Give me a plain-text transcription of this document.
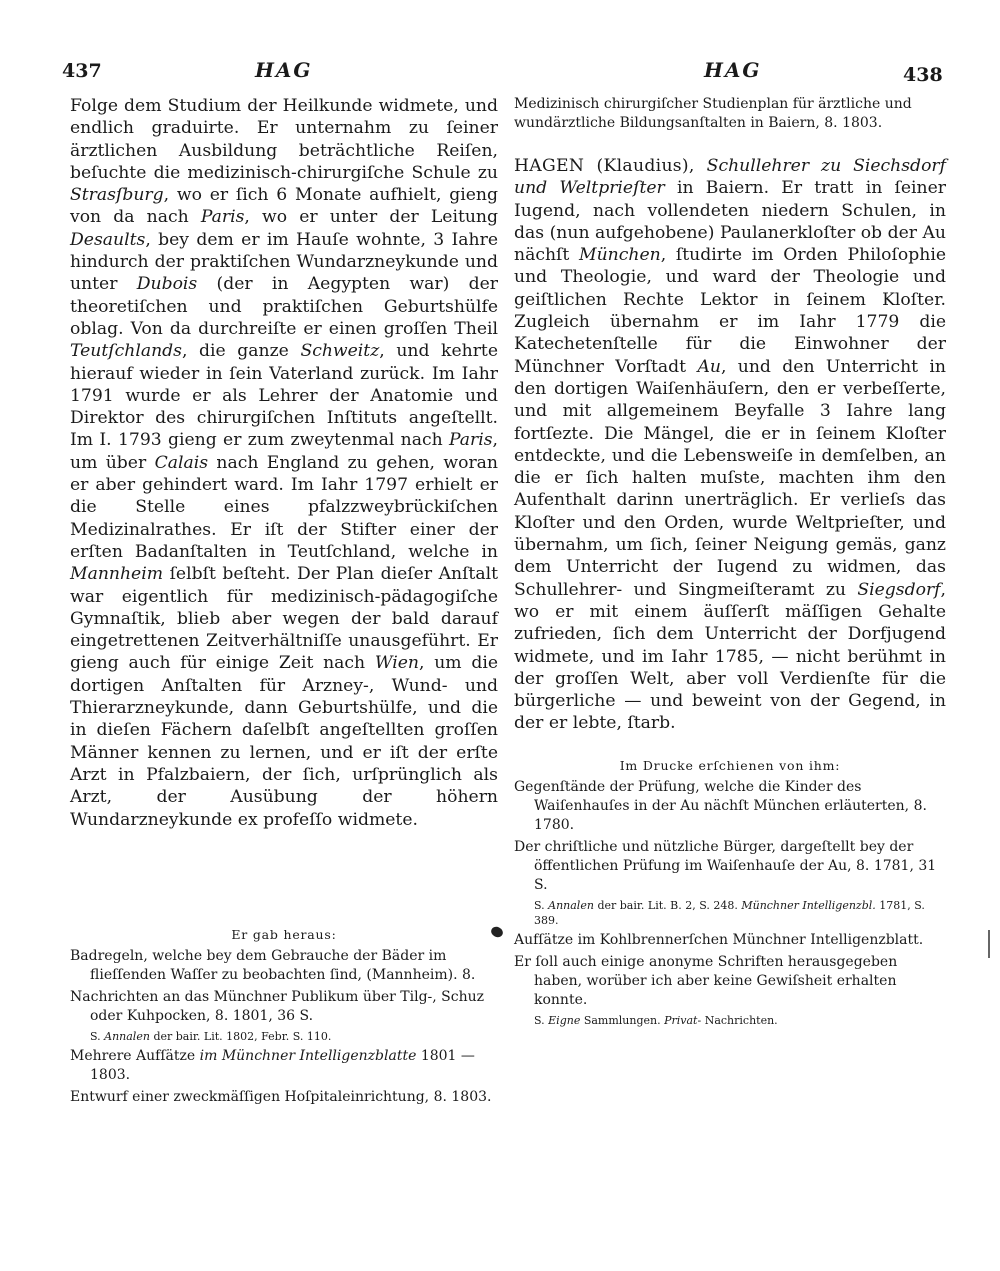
437	HAG	HAG	438

Folge dem Studium der Heilkunde widmete, und endlich graduirte. Er unternahm zu ſeiner ärztlichen Ausbildung beträchtliche Reiſen, beſuchte die medizinisch-chirurgiſche Schule zu Strasſburg, wo er ſich 6 Monate aufhielt, gieng von da nach Paris, wo er unter der Leitung Desaults, bey dem er im Hauſe wohnte, 3 Iahre hindurch der praktiſchen Wundarzneykunde und unter Dubois (der in Aegypten war) der theoretiſchen und praktiſchen Geburtshülfe oblag. Von da durchreiſte er einen groſſen Theil Teutſchlands, die ganze Schweitz, und kehrte hierauf wieder in ſein Vaterland zurück. Im Iahr 1791 wurde er als Lehrer der Anatomie und Direktor des chirurgiſchen Inſtituts angeſtellt. Im I. 1793 gieng er zum zweytenmal nach Paris, um über Calais nach England zu gehen, woran er aber gehindert ward. Im Iahr 1797 erhielt er die Stelle eines pfalzzweybrückiſchen Medizinalrathes. Er iſt der Stifter einer der erſten Badanſtalten in Teutſchland, welche in Mannheim ſelbſt beſteht. Der Plan dieſer Anſtalt war eigentlich für medizinisch-pädagogiſche Gymnaſtik, blieb aber wegen der bald darauf eingetrettenen Zeitverhältniſſe unausgeführt. Er gieng auch für einige Zeit nach Wien, um die dortigen Anſtalten für Arzney-, Wund- und Thierarzneykunde, dann Geburtshülfe, und die in dieſen Fächern daſelbſt angeſtellten groſſen Männer kennen zu lernen, und er iſt der erſte Arzt in Pfalzbaiern, der ſich, urſprünglich als Arzt, der Ausübung der höhern Wundarzneykunde ex profeſſo widmete.

Er gab heraus:

Badregeln, welche bey dem Gebrauche der Bäder im flieſſenden Waſſer zu beobachten ſind, (Mannheim). 8.

Nachrichten an das Münchner Publikum über Tilg-, Schuz oder Kuhpocken, 8. 1801, 36 S.

S. Annalen der bair. Lit. 1802, Febr. S. 110.

Mehrere Aufſätze im Münchner Intelligenzblatte 1801 — 1803.

Entwurf einer zweckmäſſigen Hoſpitaleinrichtung, 8. 1803.

Medizinisch chirurgiſcher Studienplan für ärztliche und wundärztliche Bildungsanſtalten in Baiern, 8. 1803.

HAGEN (Klaudius), Schullehrer zu Siechsdorf und Weltprieſter in Baiern. Er tratt in ſeiner Iugend, nach vollendeten niedern Schulen, in das (nun aufgehobene) Paulanerkloſter ob der Au nächſt München, ſtudirte im Orden Philoſophie und Theologie, und ward der Theologie und geiſtlichen Rechte Lektor in ſeinem Kloſter. Zugleich übernahm er im Iahr 1779 die Katechetenſtelle für die Einwohner der Münchner Vorſtadt Au, und den Unterricht in den dortigen Waiſenhäuſern, den er verbeſſerte, und mit allgemeinem Beyfalle 3 Iahre lang fortſezte. Die Mängel, die er in ſeinem Kloſter entdeckte, und die Lebensweiſe in demſelben, an die er ſich halten muſste, machten ihm den Aufenthalt darinn unerträglich. Er verlieſs das Kloſter und den Orden, wurde Weltprieſter, und übernahm, um ſich, ſeiner Neigung gemäs, ganz dem Unterricht der Iugend zu widmen, das Schullehrer- und Singmeiſteramt zu Siegsdorf, wo er mit einem äuſſerſt mäſſigen Gehalte zufrieden, ſich dem Unterricht der Dorfjugend widmete, und im Iahr 1785, — nicht berühmt in der groſſen Welt, aber voll Verdienſte für die bürgerliche — und beweint von der Gegend, in der er lebte, ſtarb.

Im Drucke erſchienen von ihm:

Gegenſtände der Prüfung, welche die Kinder des Waiſenhauſes in der Au nächſt München erläuterten, 8. 1780.

Der chriſtliche und nützliche Bürger, dargeſtellt bey der öffentlichen Prüfung im Waiſenhauſe der Au, 8. 1781, 31 S.

S. Annalen der bair. Lit. B. 2, S. 248. Münchner Intelligenzbl. 1781, S. 389.

Aufſätze im Kohlbrennerſchen Münchner Intelligenzblatt.

Er ſoll auch einige anonyme Schriften herausgegeben haben, worüber ich aber keine Gewiſsheit erhalten konnte.

S. Eigne Sammlungen. Privat- Nachrichten.
